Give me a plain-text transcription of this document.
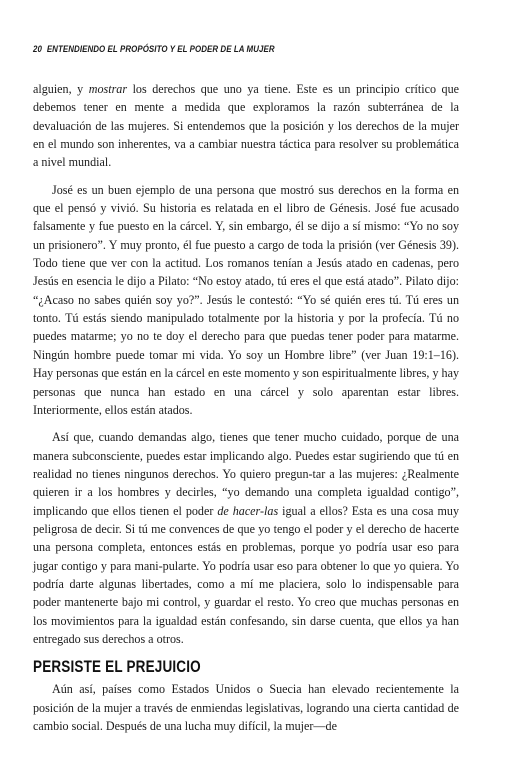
20 ENTENDIENDO EL PROPÓSITO Y EL PODER DE LA MUJER

alguien, y mostrar los derechos que uno ya tiene. Este es un principio crítico que debemos tener en mente a medida que exploramos la razón subterránea de la devaluación de las mujeres. Si entendemos que la posición y los derechos de la mujer en el mundo son inherentes, va a cambiar nuestra táctica para resolver su problemática a nivel mundial.

José es un buen ejemplo de una persona que mostró sus derechos en la forma en que el pensó y vivió. Su historia es relatada en el libro de Génesis. José fue acusado falsamente y fue puesto en la cárcel. Y, sin embargo, él se dijo a sí mismo: “Yo no soy un prisionero”. Y muy pronto, él fue puesto a cargo de toda la prisión (ver Génesis 39). Todo tiene que ver con la actitud. Los romanos tenían a Jesús atado en cadenas, pero Jesús en esencia le dijo a Pilato: “No estoy atado, tú eres el que está atado”. Pilato dijo: “¿Acaso no sabes quién soy yo?”. Jesús le contestó: “Yo sé quién eres tú. Tú eres un tonto. Tú estás siendo manipulado totalmente por la historia y por la profecía. Tú no puedes matarme; yo no te doy el derecho para que puedas tener poder para matarme. Ningún hombre puede tomar mi vida. Yo soy un Hombre libre” (ver Juan 19:1–16). Hay personas que están en la cárcel en este momento y son espiritualmente libres, y hay personas que nunca han estado en una cárcel y solo aparentan estar libres. Interiormente, ellos están atados.

Así que, cuando demandas algo, tienes que tener mucho cuidado, porque de una manera subconsciente, puedes estar implicando algo. Puedes estar sugiriendo que tú en realidad no tienes ningunos derechos. Yo quiero pregun-tar a las mujeres: ¿Realmente quieren ir a los hombres y decirles, “yo demando una completa igualdad contigo”, implicando que ellos tienen el poder de hacer-las igual a ellos? Esta es una cosa muy peligrosa de decir. Si tú me convences de que yo tengo el poder y el derecho de hacerte una persona completa, entonces estás en problemas, porque yo podría usar eso para jugar contigo y para mani-pularte. Yo podría usar eso para obtener lo que yo quiera. Yo podría darte algunas libertades, como a mí me placiera, solo lo indispensable para poder mantenerte bajo mi control, y guardar el resto. Yo creo que muchas personas en los movimientos para la igualdad están confesando, sin darse cuenta, que ellos ya han entregado sus derechos a otros.

PERSISTE EL PREJUICIO

Aún así, países como Estados Unidos o Suecia han elevado recientemente la posición de la mujer a través de enmiendas legislativas, logrando una cierta cantidad de cambio social. Después de una lucha muy difícil, la mujer—de
